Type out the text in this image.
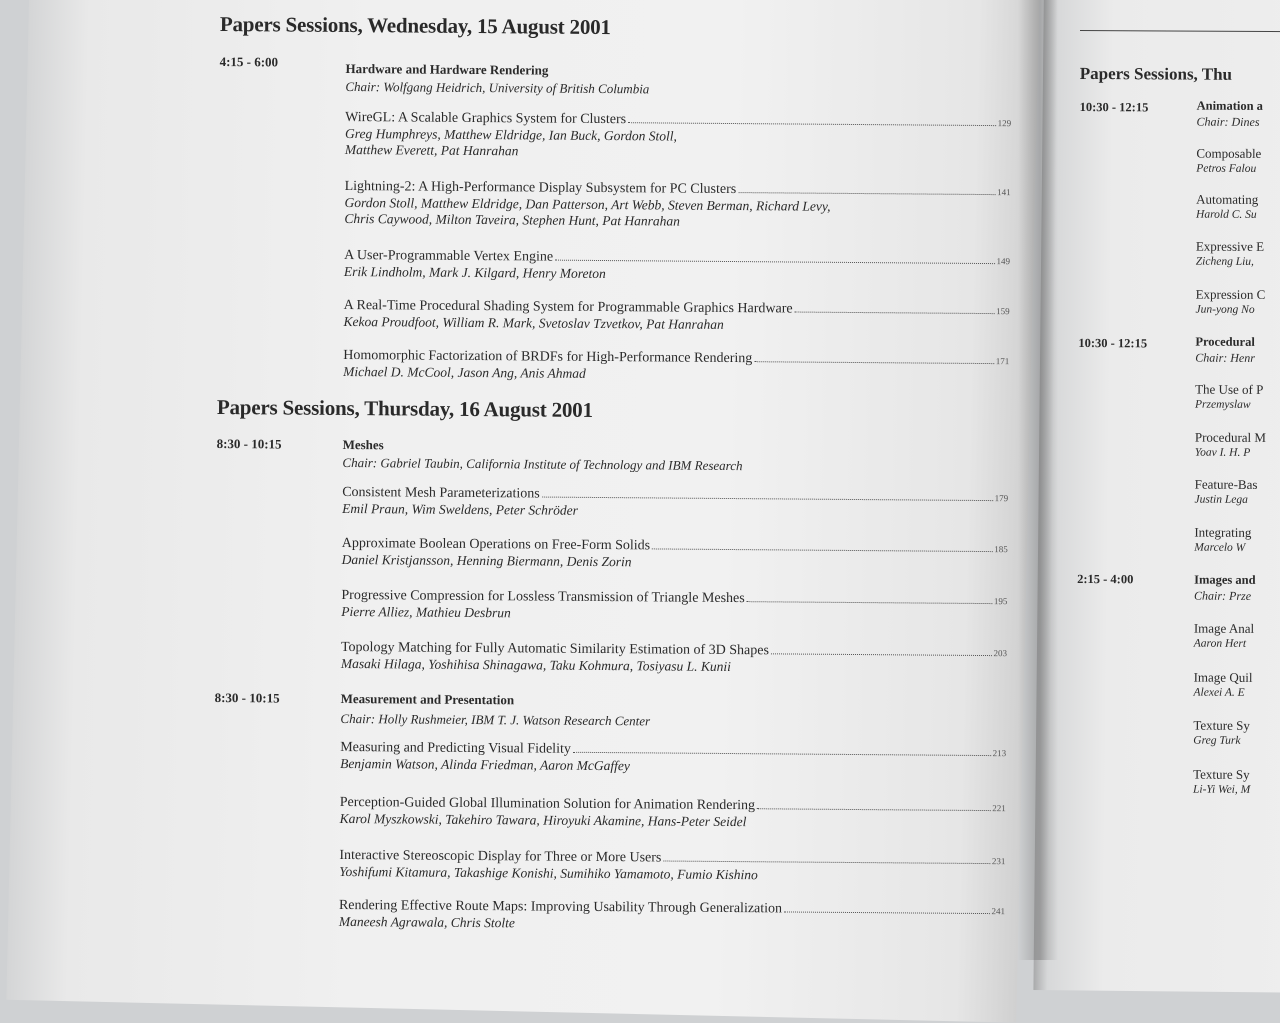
Papers Sessions, Wednesday, 15 August 2001
4:15 - 6:00	Hardware and Hardware Rendering
Chair: Wolfgang Heidrich, University of British Columbia
WireGL: A Scalable Graphics System for Clusters	129
Greg Humphreys, Matthew Eldridge, Ian Buck, Gordon Stoll,
Matthew Everett, Pat Hanrahan
Lightning-2: A High-Performance Display Subsystem for PC Clusters	141
Gordon Stoll, Matthew Eldridge, Dan Patterson, Art Webb, Steven Berman, Richard Levy,
Chris Caywood, Milton Taveira, Stephen Hunt, Pat Hanrahan
A User-Programmable Vertex Engine	149
Erik Lindholm, Mark J. Kilgard, Henry Moreton
A Real-Time Procedural Shading System for Programmable Graphics Hardware	159
Kekoa Proudfoot, William R. Mark, Svetoslav Tzvetkov, Pat Hanrahan
Homomorphic Factorization of BRDFs for High-Performance Rendering	171
Michael D. McCool, Jason Ang, Anis Ahmad
Papers Sessions, Thursday, 16 August 2001
8:30 - 10:15	Meshes
Chair: Gabriel Taubin, California Institute of Technology and IBM Research
Consistent Mesh Parameterizations	179
Emil Praun, Wim Sweldens, Peter Schröder
Approximate Boolean Operations on Free-Form Solids	185
Daniel Kristjansson, Henning Biermann, Denis Zorin
Progressive Compression for Lossless Transmission of Triangle Meshes	195
Pierre Alliez, Mathieu Desbrun
Topology Matching for Fully Automatic Similarity Estimation of 3D Shapes	203
Masaki Hilaga, Yoshihisa Shinagawa, Taku Kohmura, Tosiyasu L. Kunii
8:30 - 10:15	Measurement and Presentation
Chair: Holly Rushmeier, IBM T. J. Watson Research Center
Measuring and Predicting Visual Fidelity	213
Benjamin Watson, Alinda Friedman, Aaron McGaffey
Perception-Guided Global Illumination Solution for Animation Rendering	221
Karol Myszkowski, Takehiro Tawara, Hiroyuki Akamine, Hans-Peter Seidel
Interactive Stereoscopic Display for Three or More Users	231
Yoshifumi Kitamura, Takashige Konishi, Sumihiko Yamamoto, Fumio Kishino
Rendering Effective Route Maps: Improving Usability Through Generalization	241
Maneesh Agrawala, Chris Stolte
Papers Sessions, Thu
10:30 - 12:15	Animation a
Chair: Dines
Composable
Petros Falou
Automating
Harold C. Su
Expressive E
Zicheng Liu,
Expression C
Jun-yong No
10:30 - 12:15	Procedural
Chair: Henr
The Use of P
Przemyslaw
Procedural M
Yoav I. H. P
Feature-Bas
Justin Lega
Integrating
Marcelo W
2:15 - 4:00	Images and
Chair: Prze
Image Anal
Aaron Hert
Image Quil
Alexei A. E
Texture Sy
Greg Turk
Texture Sy
Li-Yi Wei, M
